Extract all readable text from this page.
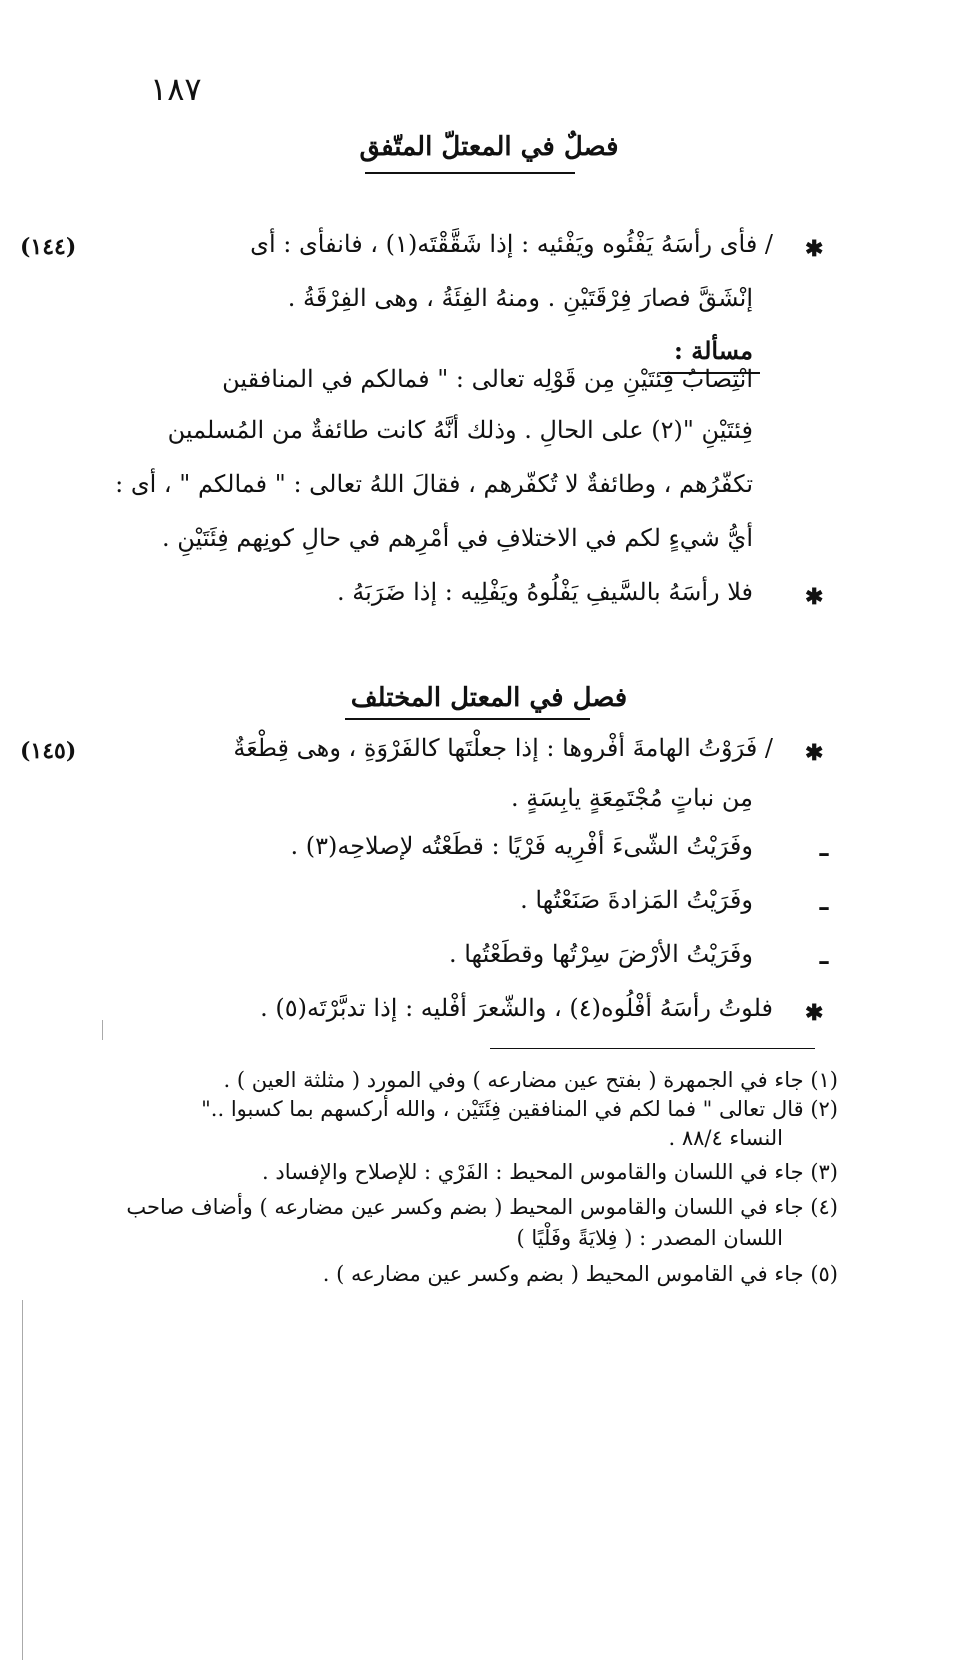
١٨٧
فصلٌ في المعتلّ المتّفق
✱
(١٤٤)	/ فأى رأسَهُ يَفْئُوه ويَفْئيه : إذا شَقَّقْتَه(١) ، فانفأى : أى
إنْشَقَّ فصارَ فِرْقَتَيْنِ . ومنهُ الفِئَةُ ، وهى الفِرْقَةُ .
مسألة :
انْتِصابُ فِئتَيْنِ مِن قَوْلِه تعالى : " فمالكم في المنافقين
فِئتَيْنِ "(٢) على الحالِ . وذلك أنَّهُ كانت طائفةٌ من المُسلمين
تكفّرُهم ، وطائفةٌ لا تُكفّرهم ، فقالَ اللهُ تعالى : " فمالكم " ، أى :
أيُّ شيءٍ لكم في الاختلافِ في أمْرِهم في حالِ كونِهم فِئَتَيْنِ .
✱
فلا رأسَهُ بالسَّيفِ يَفْلُوهُ ويَفْلِيه : إذا ضَرَبَهُ .
فصل في المعتل المختلف
✱
(١٤٥)	/ فَرَوْتُ الهامةَ أفْروها : إذا جعلْتَها كالفَرْوَةِ ، وهى قِطْعَةٌ
مِن نباتٍ مُجْتَمِعَةٍ يابِسَةٍ .
–
وفَرَيْتُ الشّىءَ أفْرِيه فَرْيًا : قطَعْتُه لإصلاحِه(٣) .
–
وفَرَيْتُ المَزادةَ صَنَعْتُها .
–
وفَرَيْتُ الأرْضَ سِرْتُها وقطَعْتُها .
✱
فلوتُ رأسَهُ أفْلُوه(٤) ، والشّعرَ أفْليه : إذا تدبَّرْتَه(٥) .
(١) جاء في الجمهرة ( بفتح عين مضارعه ) وفي المورد ( مثلثة العين ) .
(٢) قال تعالى " فما لكم في المنافقين فِئَتَيْن ، والله أركسهم بما كسبوا .."
النساء ٨٨/٤ .
(٣) جاء في اللسان والقاموس المحيط : الفَرْي : للإصلاح والإفساد .
(٤) جاء في اللسان والقاموس المحيط ( بضم وكسر عين مضارعه ) وأضاف صاحب
اللسان المصدر : ( فِلايَةً وفَلْيًا )
(٥) جاء في القاموس المحيط ( بضم وكسر عين مضارعه ) .
